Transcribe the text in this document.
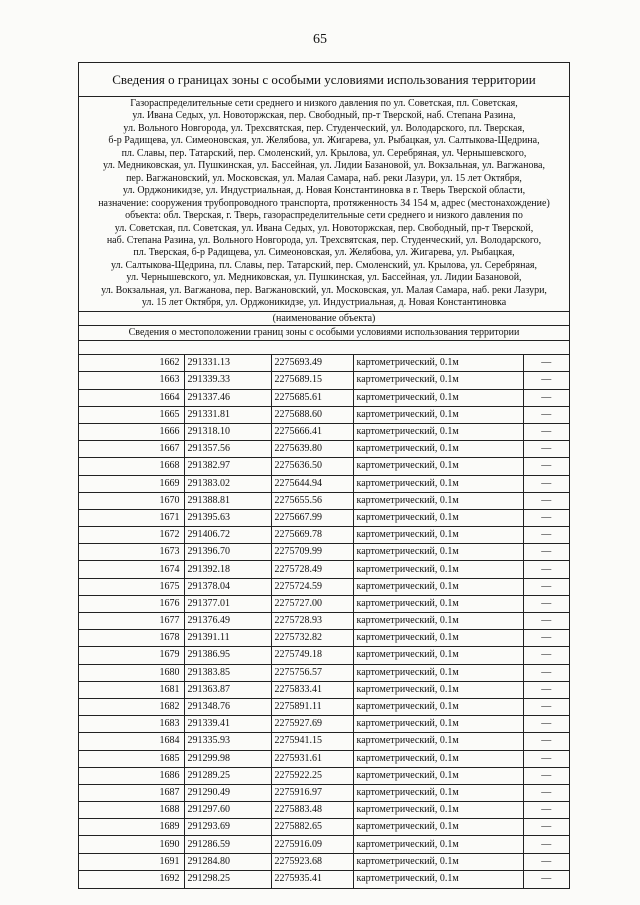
65
Сведения о границах зоны с особыми условиями использования территории
Газораспределительные сети среднего и низкого давления по ул. Советская, пл. Советская,
ул. Ивана Седых, ул. Новоторжская, пер. Свободный, пр-т Тверской, наб. Степана Разина,
ул. Вольного Новгорода, ул. Трехсвятская, пер. Студенческий, ул. Володарского, пл. Тверская,
б-р Радищева, ул. Симеоновская, ул. Желябова, ул. Жигарева, ул. Рыбацкая, ул. Салтыкова-Щедрина,
пл. Славы, пер. Татарский, пер. Смоленский, ул. Крылова, ул. Серебряная, ул. Чернышевского,
ул. Медниковская, ул. Пушкинская, ул. Бассейная, ул. Лидии Базановой, ул. Вокзальная, ул. Вагжанова,
пер. Вагжановский, ул. Московская, ул. Малая Самара, наб. реки Лазури, ул. 15 лет Октября,
ул. Орджоникидзе, ул. Индустриальная, д. Новая Константиновка в г. Тверь Тверской области,
назначение: сооружения трубопроводного транспорта, протяженность 34 154 м, адрес (местонахождение)
объекта: обл. Тверская, г. Тверь, газораспределительные сети среднего и низкого давления по
ул. Советская, пл. Советская, ул. Ивана Седых, ул. Новоторжская, пер. Свободный, пр-т Тверской,
наб. Степана Разина, ул. Вольного Новгорода, ул. Трехсвятская, пер. Студенческий, ул. Володарского,
пл. Тверская, б-р Радищева, ул. Симеоновская, ул. Желябова, ул. Жигарева, ул. Рыбацкая,
ул. Салтыкова-Щедрина, пл. Славы, пер. Татарский, пер. Смоленский, ул. Крылова, ул. Серебряная,
ул. Чернышевского, ул. Медниковская, ул. Пушкинская, ул. Бассейная, ул. Лидии Базановой,
ул. Вокзальная, ул. Вагжанова, пер. Вагжановский, ул. Московская, ул. Малая Самара, наб. реки Лазури,
ул. 15 лет Октября, ул. Орджоникидзе, ул. Индустриальная, д. Новая Константиновка
(наименование объекта)
Сведения о местоположении границ зоны с особыми условиями использования территории
1662	291331.13	2275693.49	картометрический, 0.1м	—
1663	291339.33	2275689.15	картометрический, 0.1м	—
1664	291337.46	2275685.61	картометрический, 0.1м	—
1665	291331.81	2275688.60	картометрический, 0.1м	—
1666	291318.10	2275666.41	картометрический, 0.1м	—
1667	291357.56	2275639.80	картометрический, 0.1м	—
1668	291382.97	2275636.50	картометрический, 0.1м	—
1669	291383.02	2275644.94	картометрический, 0.1м	—
1670	291388.81	2275655.56	картометрический, 0.1м	—
1671	291395.63	2275667.99	картометрический, 0.1м	—
1672	291406.72	2275669.78	картометрический, 0.1м	—
1673	291396.70	2275709.99	картометрический, 0.1м	—
1674	291392.18	2275728.49	картометрический, 0.1м	—
1675	291378.04	2275724.59	картометрический, 0.1м	—
1676	291377.01	2275727.00	картометрический, 0.1м	—
1677	291376.49	2275728.93	картометрический, 0.1м	—
1678	291391.11	2275732.82	картометрический, 0.1м	—
1679	291386.95	2275749.18	картометрический, 0.1м	—
1680	291383.85	2275756.57	картометрический, 0.1м	—
1681	291363.87	2275833.41	картометрический, 0.1м	—
1682	291348.76	2275891.11	картометрический, 0.1м	—
1683	291339.41	2275927.69	картометрический, 0.1м	—
1684	291335.93	2275941.15	картометрический, 0.1м	—
1685	291299.98	2275931.61	картометрический, 0.1м	—
1686	291289.25	2275922.25	картометрический, 0.1м	—
1687	291290.49	2275916.97	картометрический, 0.1м	—
1688	291297.60	2275883.48	картометрический, 0.1м	—
1689	291293.69	2275882.65	картометрический, 0.1м	—
1690	291286.59	2275916.09	картометрический, 0.1м	—
1691	291284.80	2275923.68	картометрический, 0.1м	—
1692	291298.25	2275935.41	картометрический, 0.1м	—
